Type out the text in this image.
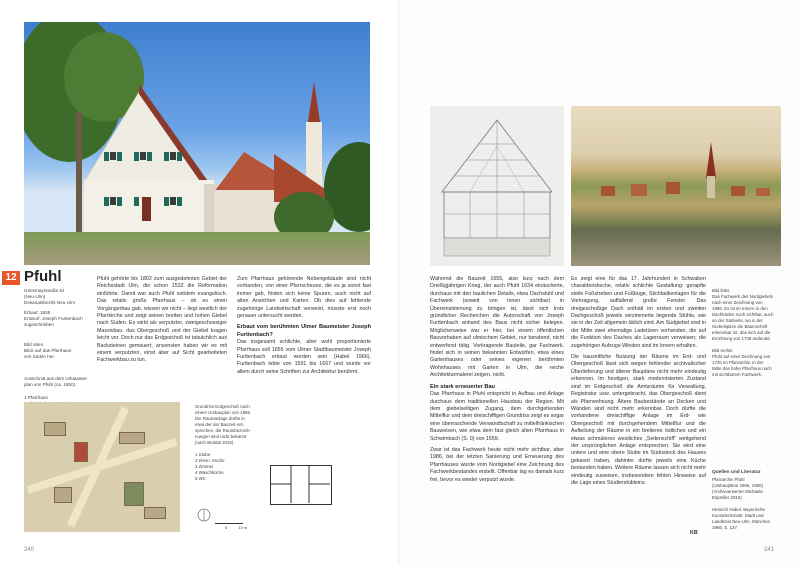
12 Pfuhl
Griesmayrstraße 61
(Neu-Ulm)
Dekanatsbezirk Neu-Ulm
Erbaut: 1655
Entwurf: Joseph Furttenbach
zugeschrieben
Bild oben
Blick auf das Pfarrhaus
von Süden her.
Ausschnitt aus dem Urkataster-
plan von Pfuhl (ca. 1850).

1 Pfarrhaus

Pfuhl gehörte bis 1802 zum ausgedehnten Gebiet der Reichsstadt Ulm, die schon 1532 die Reformation einführte. Damit war auch Pfuhl seitdem evangelisch. Das relativ große Pfarrhaus – ob es einen Vorgängerbau gab, wissen wir nicht – liegt westlich der Pfarrkirche und zeigt seinen breiten und hohen Giebel nach Süden. Es wirkt als verputzter, zweigeschossiger Massivbau, das Obergeschoß und der Giebel kragen leicht vor. Doch nur das Erdgeschoß ist tatsächlich aus Backsteinen gemauert, ansonsten haben wir es mit einem verputzten, einst aber auf Sicht gearbeiteten Fachwerkbau zu tun.

Zum Pfarrhaus gehörende Nebengebäude sind nicht vorhanden, von einer Pfarrscheune, die es ja sonst fast immer gab, finden sich keine Spuren, auch nicht auf alten Ansichten und Karten. Ob dies auf fehlende zugehörige Landwirtschaft verweist, müsste erst noch genauer untersucht werden.

Erbaut vom berühmten Ulmer Baumeister Joseph Furttenbach?

Das insgesamt schlichte, aber wohl proportionierte Pfarrhaus soll 1655 vom Ulmer Stadtbaumeister Joseph Furttenbach erbaut worden sein (Habel 1966). Furttenbach lebte von 1591 bis 1667 und wurde vor allem durch seine Schriften zur Architektur berühmt.

Grundriss Erdgeschoß nach
einem Umbauplan von 1966.
Die Raumanlage dürfte in
etwa der der Bauzeit ent-
sprechen, die Raumbezeich-
nungen sind nicht bekannt
(nach Beddal 2016).

1 Stube
2 ehem. Küche
3 Zimmer
4 Waschküche
5 WC
5          10 m
240
Bild links
Das Fachwerk des Nordgiebels
nach einer Zeichnung von
1986. Es ist im Innern in den
Dachböden noch sichtbar, auch
an der Südseite, wo in der
Giebelspitze die Bauinschrift
erkennbar ist, das sich auf die
Errichtung von 1738 andeutet.

Bild rechts
Pfuhl auf einer Zeichnung von
1720 im Pfarrarchiv. In der
Mitte das hohe Pfarrhaus noch
mit sichtbarem Fachwerk.

Während die Bauzeit 1655, also kurz nach dem Dreißigjährigen Krieg, der auch Pfuhl 1634 einäscherte, durchaus mit den baulichen Details, etwa Dachstuhl und Fachwerk (soweit von innen sichtbar) in Übereinstimmung zu bringen ist, lässt sich trotz gründlicher Recherchen die Autorschaft von Joseph Furttenbach anhand des Baus nicht sicher belegen. Möglicherweise war er hier, bei einem öffentlichen Bauvorhaben auf ulmischem Gebiet, nur beratend, nicht entwerfend tätig. Vorkragende Bauteile, gar Fachwerk, findet sich in seinen bekannten Entwürfen, etwa eines Gartenhauses oder seines eigenen berühmten Wohnhauses mit Garten in Ulm, die reiche Architekturmalerei zeigen, nicht.

Ein stark erneuerter Bau

Das Pfarrhaus in Pfuhl entspricht in Aufbau und Anlage durchaus dem traditionellen Hausbau der Region. Mit dem giebelseitigen Zugang, dem durchgehenden Mittelflur und dem dreischiffigen Grundriss zeigt es sogar eine überraschende Verwandtschaft zu mittelfränkischen Bauweisen, wie etwa dem fast gleich alten Pfarrhaus in Schwimbach (S. 0) von 1659.

Zwar ist das Fachwerk heute nicht mehr sichtbar, aber 1986, bei der letzten Sanierung und Erneuerung des Pfarrhauses wurde vom Nordgiebel eine Zeichnung des Fachwerkbestandes erstellt. Offenbar lag es damals kurz frei, bevor es wieder verputzt wurde.

Es zeigt eine für das 17. Jahrhundert in Schwaben charakteristische, relativ schlichte Gestaltung: gerapfte steile Fußstreben und Fußbüge, Stichbalkenlagen für die Vorkragung, auffallend große Fenster. Das dreigeschoßige Dach enthält im ersten und zweiten Dachgeschoß jeweils verzimmerte liegende Stühle, wie sie in der Zeit allgemein üblich sind. Am Südgiebel sind in der Mitte zwei ehemalige Ladetüren vorhanden, die auf die Funktion des Daches als Lagerraum verweisen; die zugehörigen Aufzugs-Winden sind im Innern erhalten.

Die bauzeitliche Nutzung der Räume im Erd- und Obergeschoß lässt sich wegen fehlender archivalischer Überlieferung und älterer Baupläne nicht mehr eindeutig erkennen. Im heutigen, stark modernisierten Zustand sind im Erdgeschoß die Amtsräume für Verwaltung, Registratur usw. untergebracht, das Obergeschoß dient als Pfarrwohnung. Ältere Baubestände an Decken und Wänden sind nicht mehr erkennbar. Doch dürfte die vorhandene dreischiffige Anlage im Erd- wie Obergeschoß mit durchgehendem Mittelflur und die Aufteilung der Räume in ein breiteres östliches und ein etwas schmäleres westliches „Seitenschiff“ weitgehend der ursprünglichen Anlage entsprechen. Sie wird eine untere und eine obere Stube im Südosteck des Hauses gekannt haben, dahinter dürfte jeweils eine Küche bestanden haben. Weitere Räume lassen sich nicht mehr eindeutig zuweisen, insbesondere fehlen Hinweise auf die Lage eines Studierstübleins.

KB
Quellen und Literatur
Pfarrarchiv Pfuhl
(Umbaupläne 1966, 1986)
(Archivverwerter Michaela
Esprüller 2016)

Heinrich Habel: Bayerische
Kunstdenkmale: Stadt und
Landkreis Neu-Ulm, München
1966, S. 137.
241
